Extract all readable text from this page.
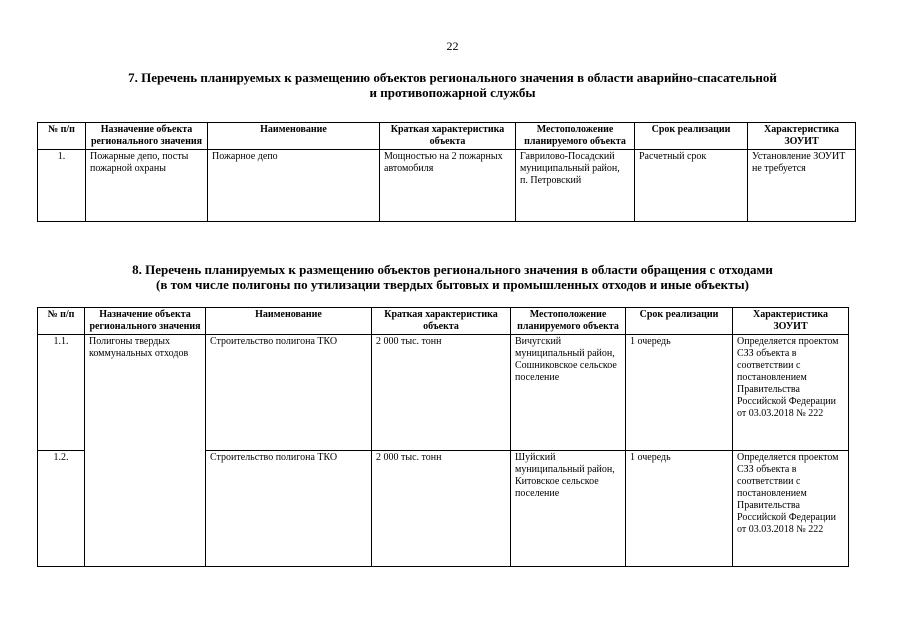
22
7. Перечень планируемых к размещению объектов регионального значения в области аварийно-спасательной
и противопожарной службы
№ п/п	Назначение объекта регионального значения	Наименование	Краткая характеристика объекта	Местоположение планируемого объекта	Срок реализации	Характеристика ЗОУИТ
1.	Пожарные депо, посты пожарной охраны	Пожарное депо	Мощностью на 2 пожарных автомобиля	Гаврилово-Посадский муниципальный район, п. Петровский	Расчетный срок	Установление ЗОУИТ не требуется
8. Перечень планируемых к размещению объектов регионального значения в области обращения с отходами
(в том числе полигоны по утилизации твердых бытовых и промышленных отходов и иные объекты)
№ п/п	Назначение объекта регионального значения	Наименование	Краткая характеристика объекта	Местоположение планируемого объекта	Срок реализации	Характеристика ЗОУИТ
1.1.	Полигоны твердых коммунальных отходов	Строительство полигона ТКО	2 000 тыс. тонн	Вичугский муниципальный район, Сошниковское сельское поселение	1 очередь	Определяется проектом СЗЗ объекта в соответствии с постановлением Правительства Российской Федерации от 03.03.2018 № 222
1.2.		Строительство полигона ТКО	2 000 тыс. тонн	Шуйский муниципальный район, Китовское сельское поселение	1 очередь	Определяется проектом СЗЗ объекта в соответствии с постановлением Правительства Российской Федерации от 03.03.2018 № 222
